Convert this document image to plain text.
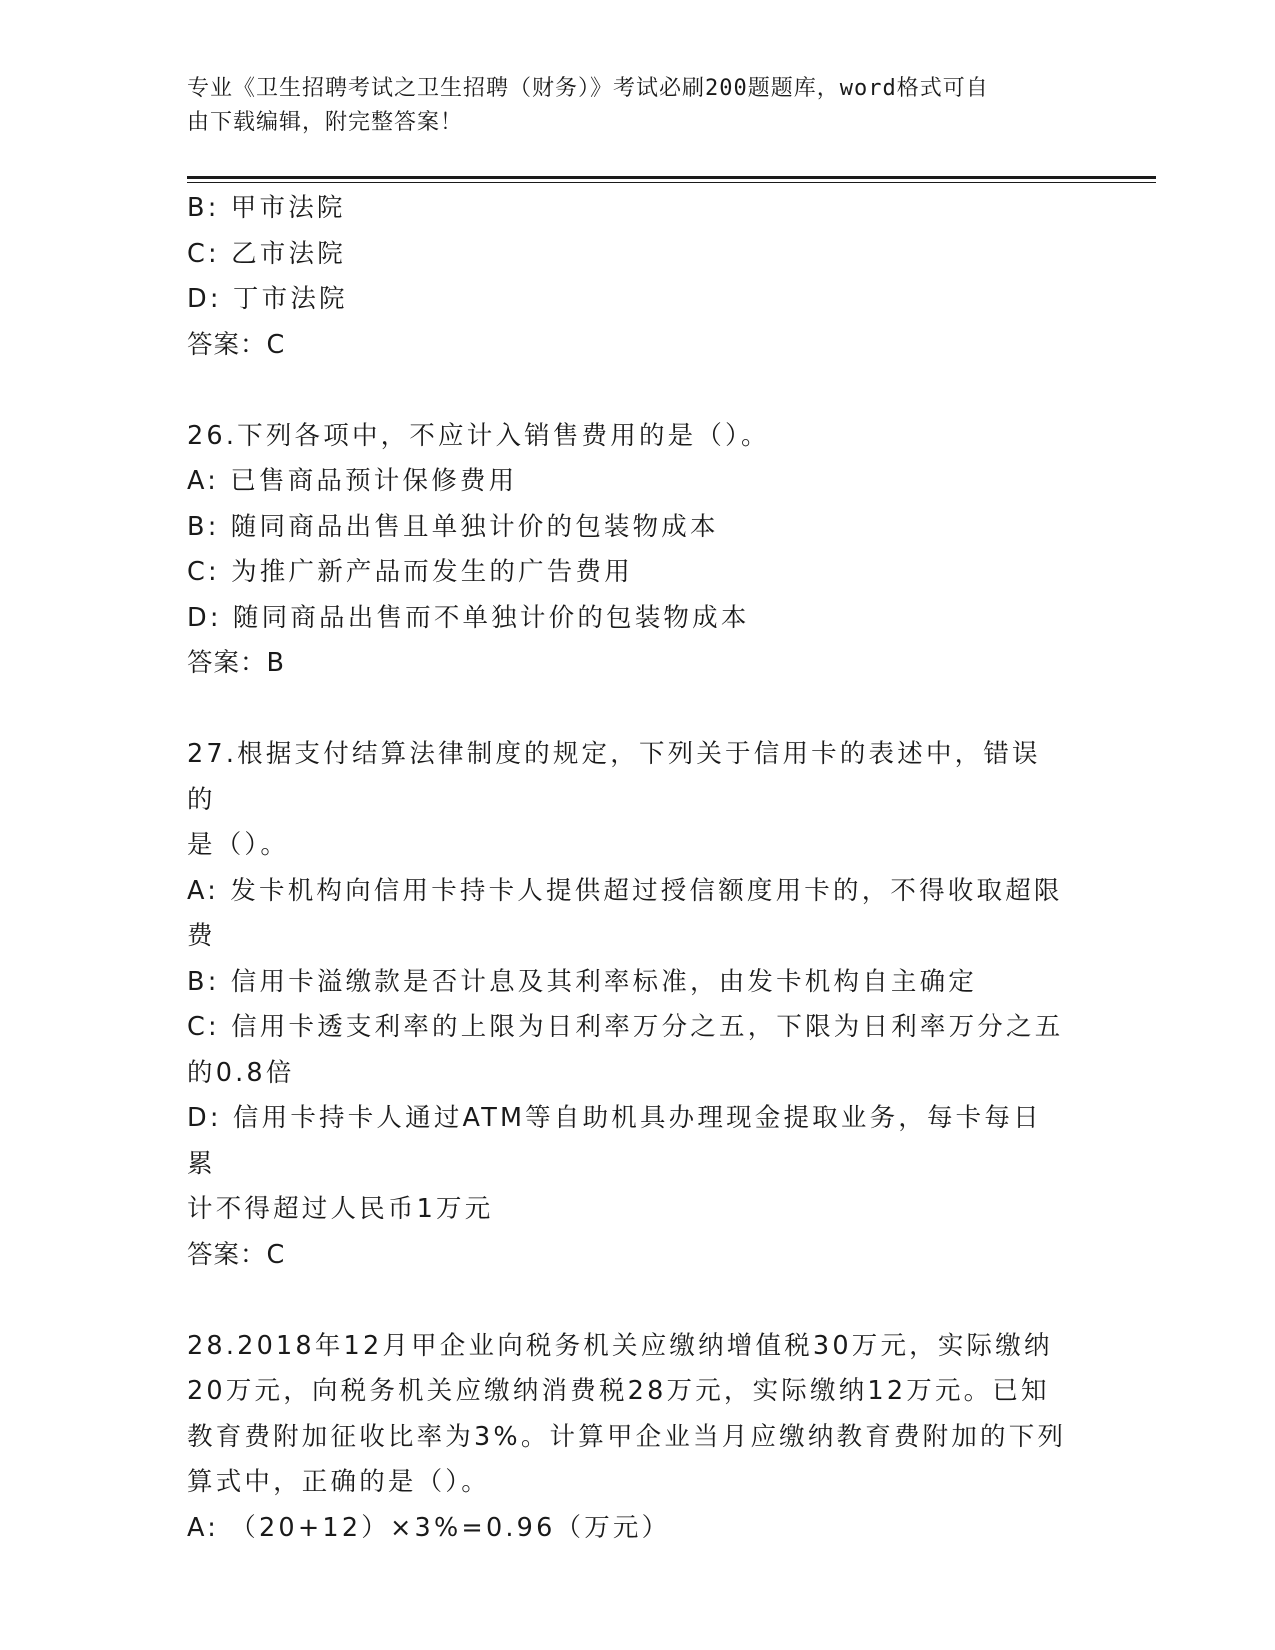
专业《卫生招聘考试之卫生招聘（财务）》考试必刷200题题库，word格式可自
由下载编辑，附完整答案！
B: 甲市法院
C: 乙市法院
D: 丁市法院
答案：C
26.下列各项中，不应计入销售费用的是（）。
A: 已售商品预计保修费用
B: 随同商品出售且单独计价的包装物成本
C: 为推广新产品而发生的广告费用
D: 随同商品出售而不单独计价的包装物成本
答案：B
27.根据支付结算法律制度的规定，下列关于信用卡的表述中，错误的
是（）。
A: 发卡机构向信用卡持卡人提供超过授信额度用卡的，不得收取超限
费
B: 信用卡溢缴款是否计息及其利率标准，由发卡机构自主确定
C: 信用卡透支利率的上限为日利率万分之五，下限为日利率万分之五
的0.8倍
D: 信用卡持卡人通过ATM等自助机具办理现金提取业务，每卡每日累
计不得超过人民币1万元
答案：C
28.2018年12月甲企业向税务机关应缴纳增值税30万元，实际缴纳
20万元，向税务机关应缴纳消费税28万元，实际缴纳12万元。已知
教育费附加征收比率为3%。计算甲企业当月应缴纳教育费附加的下列
算式中，正确的是（）。
A: （20+12）×3%=0.96（万元）
